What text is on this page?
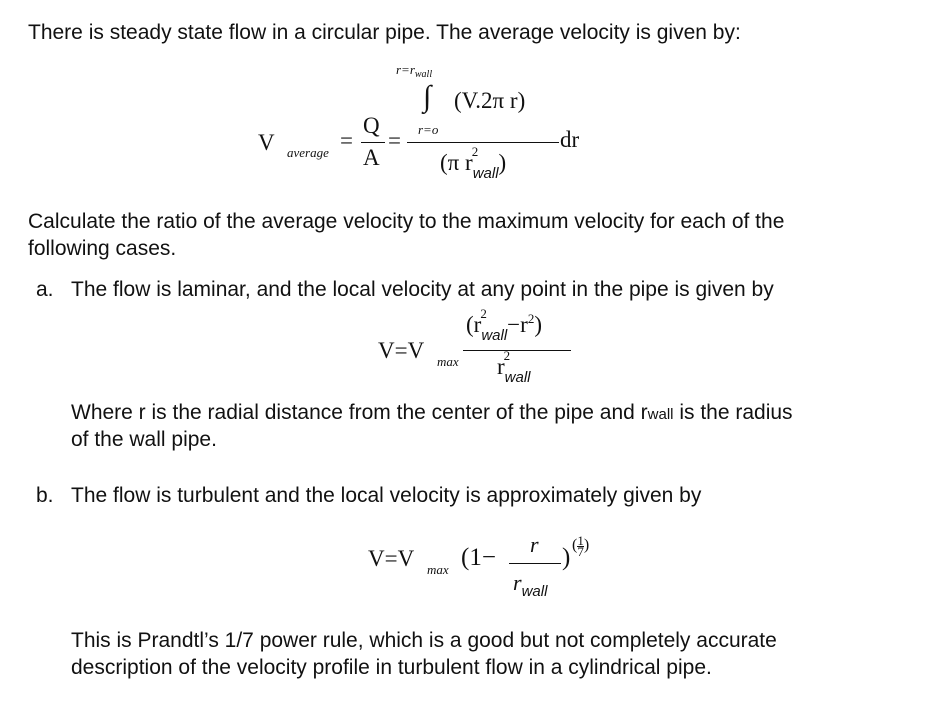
There is steady state flow in a circular pipe. The average velocity is given by:
$r=r_{wall}$
∫ (V.2π r)
r=o
V average =
Q
A
=	dr
(π r 2
$_{wall}$)
Calculate the ratio of the average velocity to the maximum velocity for each of the
following cases.
a. The flow is laminar, and the local velocity at any point in the pipe is given by
(r 2
$_{wall}-r^2$)
V=V max r 2
$_{wall}$
Where r is the radial distance from the center of the pipe and rwall is the radius
of the wall pipe.
b. The flow is turbulent and the local velocity is approximately given by
V=V max (1− r
$r_{wall}$
) ( $\frac{1}{7}$ )
This is Prandtl’s 1/7 power rule, which is a good but not completely accurate
description of the velocity profile in turbulent flow in a cylindrical pipe.
